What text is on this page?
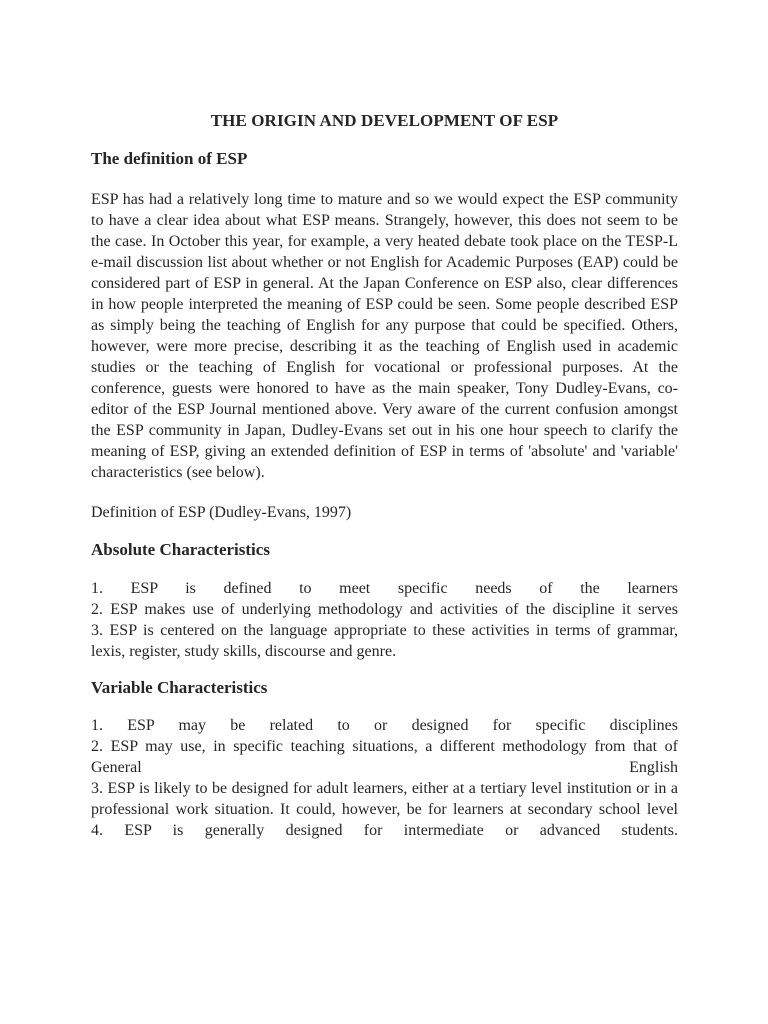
THE ORIGIN AND DEVELOPMENT OF ESP
The definition of ESP

ESP has had a relatively long time to mature and so we would expect the ESP community to have a clear idea about what ESP means. Strangely, however, this does not seem to be the case. In October this year, for example, a very heated debate took place on the TESP-L e-mail discussion list about whether or not English for Academic Purposes (EAP) could be considered part of ESP in general. At the Japan Conference on ESP also, clear differences in how people interpreted the meaning of ESP could be seen. Some people described ESP as simply being the teaching of English for any purpose that could be specified. Others, however, were more precise, describing it as the teaching of English used in academic studies or the teaching of English for vocational or professional purposes. At the conference, guests were honored to have as the main speaker, Tony Dudley-Evans, co-editor of the ESP Journal mentioned above. Very aware of the current confusion amongst the ESP community in Japan, Dudley-Evans set out in his one hour speech to clarify the meaning of ESP, giving an extended definition of ESP in terms of 'absolute' and 'variable' characteristics (see below).

Definition of ESP (Dudley-Evans, 1997)

Absolute Characteristics
1. ESP is defined to meet specific needs of the learners
2. ESP makes use of underlying methodology and activities of the discipline it serves
3. ESP is centered on the language appropriate to these activities in terms of grammar, lexis, register, study skills, discourse and genre.
Variable Characteristics
1. ESP may be related to or designed for specific disciplines
2. ESP may use, in specific teaching situations, a different methodology from that of General English
3. ESP is likely to be designed for adult learners, either at a tertiary level institution or in a professional work situation. It could, however, be for learners at secondary school level
4. ESP is generally designed for intermediate or advanced students.
